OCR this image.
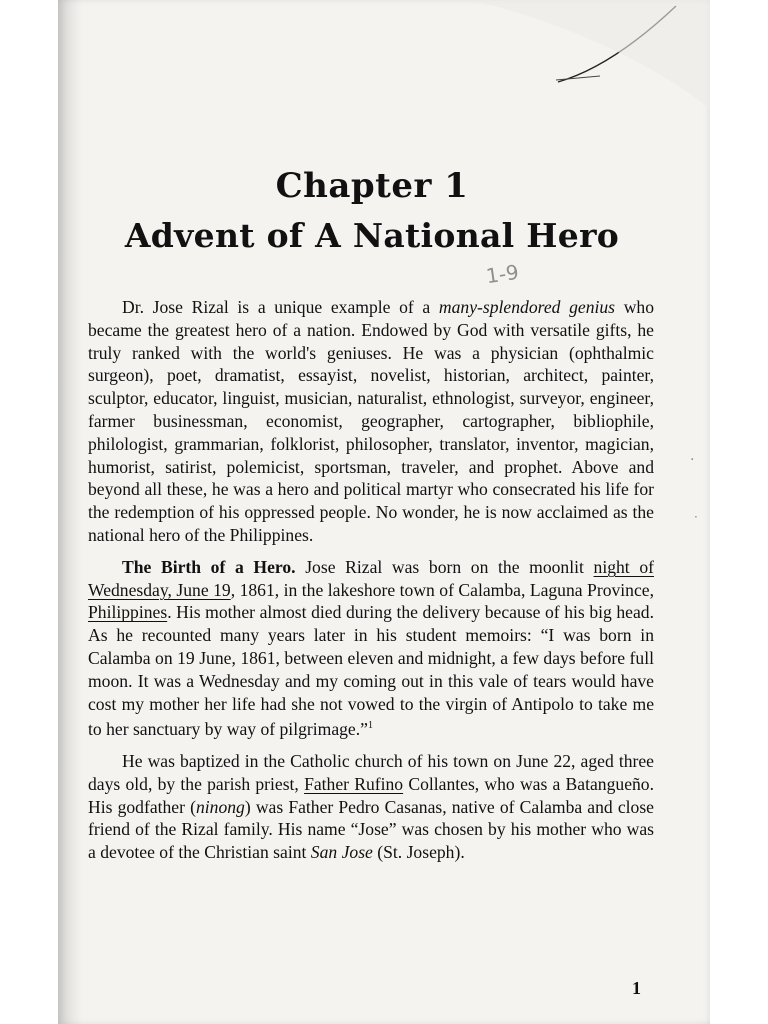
Chapter 1
Advent of A National Hero
1-9

Dr. Jose Rizal is a unique example of a many-splendored genius who became the greatest hero of a nation. Endowed by God with versatile gifts, he truly ranked with the world's geniuses. He was a physician (ophthalmic surgeon), poet, dramatist, essayist, novelist, historian, architect, painter, sculptor, educator, linguist, musician, naturalist, ethnologist, surveyor, engineer, farmer businessman, economist, geographer, cartographer, bibliophile, philologist, grammarian, folklorist, philosopher, translator, inventor, magician, humorist, satirist, polemicist, sportsman, traveler, and prophet. Above and beyond all these, he was a hero and political martyr who consecrated his life for the redemption of his oppressed people. No wonder, he is now acclaimed as the national hero of the Philippines.

The Birth of a Hero. Jose Rizal was born on the moonlit night of Wednesday, June 19, 1861, in the lakeshore town of Calamba, Laguna Province, Philippines. His mother almost died during the delivery because of his big head. As he recounted many years later in his student memoirs: “I was born in Calamba on 19 June, 1861, between eleven and midnight, a few days before full moon. It was a Wednesday and my coming out in this vale of tears would have cost my mother her life had she not vowed to the virgin of Antipolo to take me to her sanctuary by way of pilgrimage.”$^1$

He was baptized in the Catholic church of his town on June 22, aged three days old, by the parish priest, Father Rufino Collantes, who was a Batangueño. His godfather (ninong) was Father Pedro Casanas, native of Calamba and close friend of the Rizal family. His name “Jose” was chosen by his mother who was a devotee of the Christian saint San Jose (St. Joseph).

⋅
⋅
1
